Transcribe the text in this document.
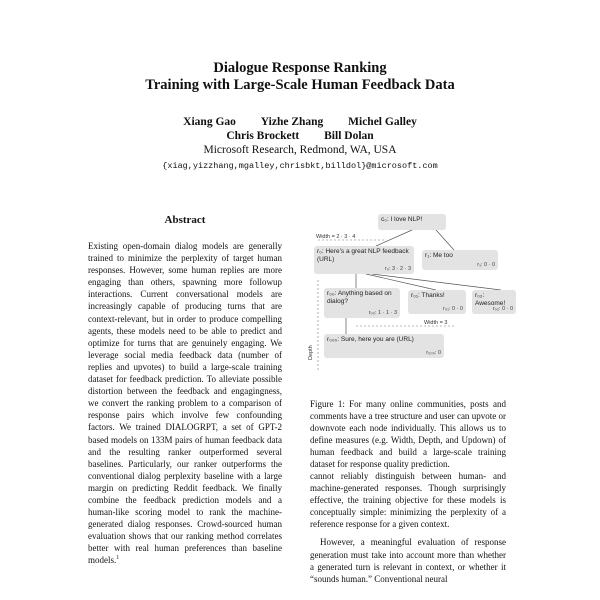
Dialogue Response Ranking
Training with Large-Scale Human Feedback Data
Xiang Gao Yizhe Zhang Michel Galley
Chris Brockett Bill Dolan
Microsoft Research, Redmond, WA, USA
{xiag,yizzhang,mgalley,chrisbkt,billdol}@microsoft.com
Abstract
Existing open-domain dialog models are generally trained to minimize the perplexity of target human responses. However, some human replies are more engaging than others, spawning more followup interactions. Current conversational models are increasingly capable of producing turns that are context-relevant, but in order to produce compelling agents, these models need to be able to predict and optimize for turns that are genuinely engaging. We leverage social media feedback data (number of replies and upvotes) to build a large-scale training dataset for feedback prediction. To alleviate possible distortion between the feedback and engagingness, we convert the ranking problem to a comparison of response pairs which involve few confounding factors. We trained DIALOGRPT, a set of GPT-2 based models on 133M pairs of human feedback data and the resulting ranker outperformed several baselines. Particularly, our ranker outperforms the conventional dialog perplexity baseline with a large margin on predicting Reddit feedback. We finally combine the feedback prediction models and a human-like scoring model to rank the machine-generated dialog responses. Crowd-sourced human evaluation shows that our ranking method correlates better with real human preferences than baseline models.$^1$
c₀: I love NLP!
r₀: Here’s a great NLP feedback (URL)
r₀: 3 · 2 · 3
r₁: Me too
r₁: 0 · 0
r₀₀: Anything based on dialog?
r₀₀: 1 · 1 · 3
r₀₁: Thanks!
r₀₁: 0 · 0
r₀₂: Awesome!
r₀₂: 0 · 0
r₀₀₀: Sure, here you are (URL)
r₀₀₀: 0
Width = 2 · 3 · 4
Width = 3
Depth
Figure 1: For many online communities, posts and comments have a tree structure and user can upvote or downvote each node individually. This allows us to define measures (e.g. Width, Depth, and Updown) of human feedback and build a large-scale training dataset for response quality prediction.

cannot reliably distinguish between human- and machine-generated responses. Though surprisingly effective, the training objective for these models is conceptually simple: minimizing the perplexity of a reference response for a given context.

However, a meaningful evaluation of response generation must take into account more than whether a generated turn is relevant in context, or whether it “sounds human.” Conventional neural
